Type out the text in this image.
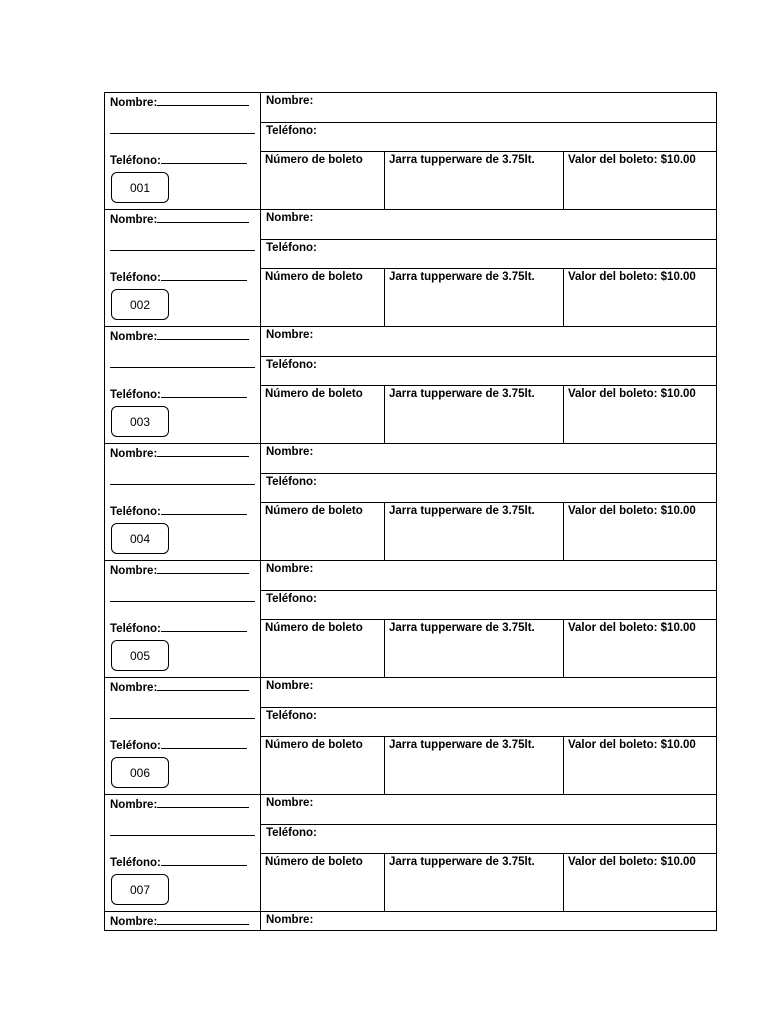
Nombre:
Teléfono:
001
Nombre:
Teléfono:
Número de boleto	Jarra tupperware de 3.75lt.	Valor del boleto: $10.00
Nombre:
Teléfono:
002
Nombre:
Teléfono:
Número de boleto	Jarra tupperware de 3.75lt.	Valor del boleto: $10.00
Nombre:
Teléfono:
003
Nombre:
Teléfono:
Número de boleto	Jarra tupperware de 3.75lt.	Valor del boleto: $10.00
Nombre:
Teléfono:
004
Nombre:
Teléfono:
Número de boleto	Jarra tupperware de 3.75lt.	Valor del boleto: $10.00
Nombre:
Teléfono:
005
Nombre:
Teléfono:
Número de boleto	Jarra tupperware de 3.75lt.	Valor del boleto: $10.00
Nombre:
Teléfono:
006
Nombre:
Teléfono:
Número de boleto	Jarra tupperware de 3.75lt.	Valor del boleto: $10.00
Nombre:
Teléfono:
007
Nombre:
Teléfono:
Número de boleto	Jarra tupperware de 3.75lt.	Valor del boleto: $10.00
Nombre:	Nombre:
